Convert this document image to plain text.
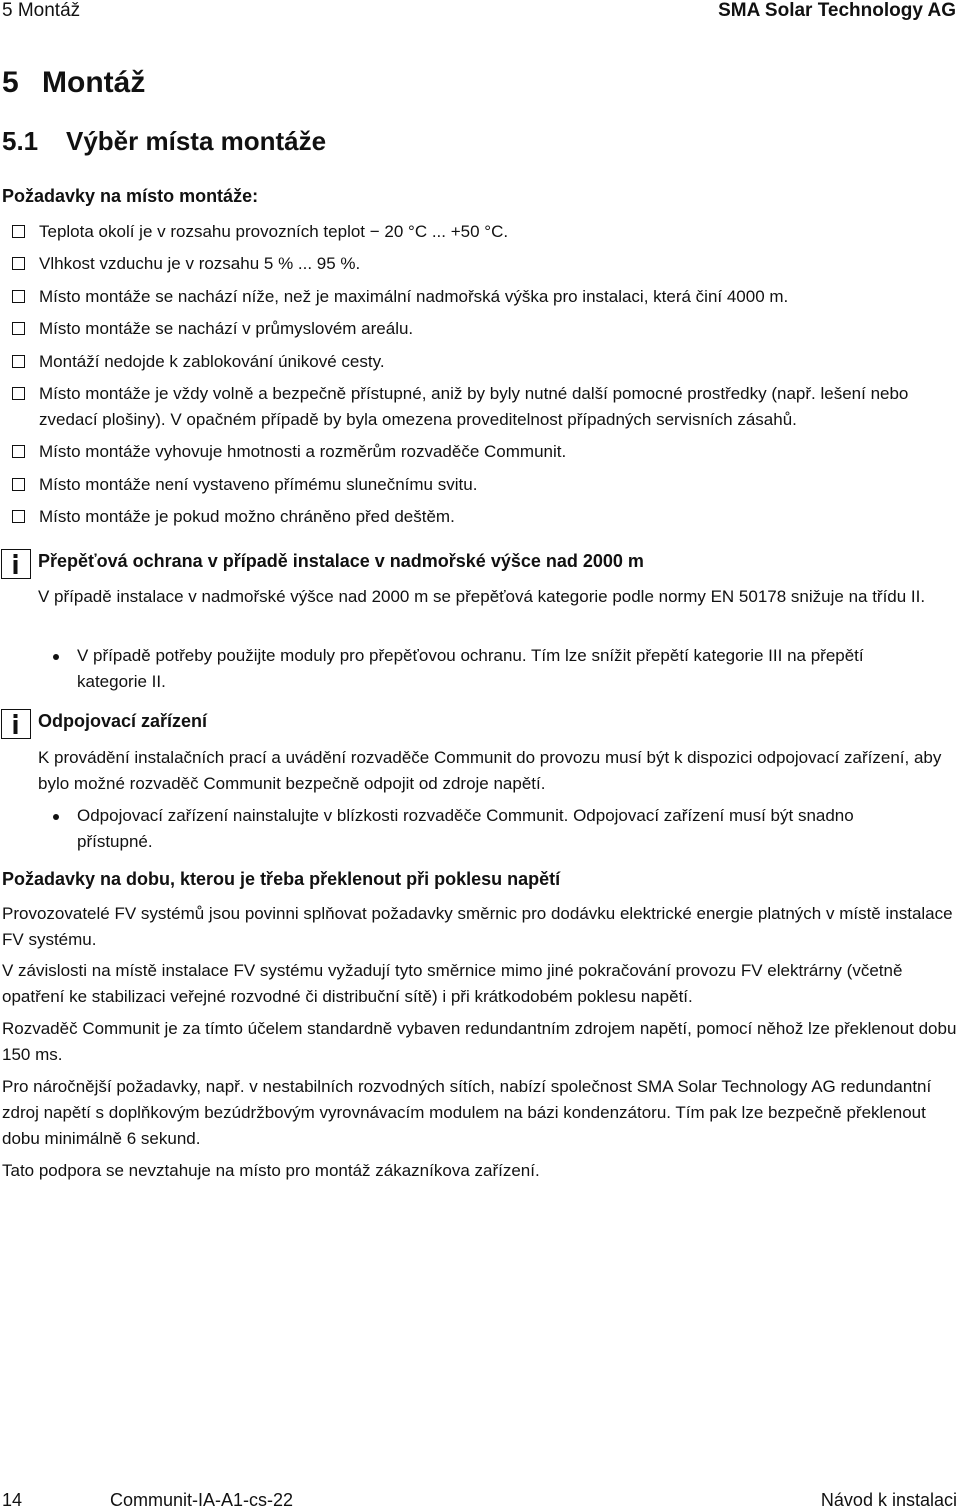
5 Montáž	SMA Solar Technology AG
5 Montáž
5.1 Výběr místa montáže
Požadavky na místo montáže:
Teplota okolí je v rozsahu provozních teplot − 20 °C ... +50 °C.
Vlhkost vzduchu je v rozsahu 5 % ... 95 %.
Místo montáže se nachází níže, než je maximální nadmořská výška pro instalaci, která činí 4000 m.
Místo montáže se nachází v průmyslovém areálu.
Montáží nedojde k zablokování únikové cesty.
Místo montáže je vždy volně a bezpečně přístupné, aniž by byly nutné další pomocné prostředky (např. lešení nebo zvedací plošiny). V opačném případě by byla omezena proveditelnost případných servisních zásahů.
Místo montáže vyhovuje hmotnosti a rozměrům rozvaděče Communit.
Místo montáže není vystaveno přímému slunečnímu svitu.
Místo montáže je pokud možno chráněno před deštěm.
Přepěťová ochrana v případě instalace v nadmořské výšce nad 2000 m
V případě instalace v nadmořské výšce nad 2000 m se přepěťová kategorie podle normy EN 50178 snižuje na třídu II.
V případě potřeby použijte moduly pro přepěťovou ochranu. Tím lze snížit přepětí kategorie III na přepětí kategorie II.
Odpojovací zařízení
K provádění instalačních prací a uvádění rozvaděče Communit do provozu musí být k dispozici odpojovací zařízení, aby bylo možné rozvaděč Communit bezpečně odpojit od zdroje napětí.
Odpojovací zařízení nainstalujte v blízkosti rozvaděče Communit. Odpojovací zařízení musí být snadno přístupné.
Požadavky na dobu, kterou je třeba překlenout při poklesu napětí

Provozovatelé FV systémů jsou povinni splňovat požadavky směrnic pro dodávku elektrické energie platných v místě instalace FV systému.

V závislosti na místě instalace FV systému vyžadují tyto směrnice mimo jiné pokračování provozu FV elektrárny (včetně opatření ke stabilizaci veřejné rozvodné či distribuční sítě) i při krátkodobém poklesu napětí.

Rozvaděč Communit je za tímto účelem standardně vybaven redundantním zdrojem napětí, pomocí něhož lze překlenout dobu 150 ms.

Pro náročnější požadavky, např. v nestabilních rozvodných sítích, nabízí společnost SMA Solar Technology AG redundantní zdroj napětí s doplňkovým bezúdržbovým vyrovnávacím modulem na bázi kondenzátoru. Tím pak lze bezpečně překlenout dobu minimálně 6 sekund.

Tato podpora se nevztahuje na místo pro montáž zákazníkova zařízení.

14	Communit-IA-A1-cs-22	Návod k instalaci
